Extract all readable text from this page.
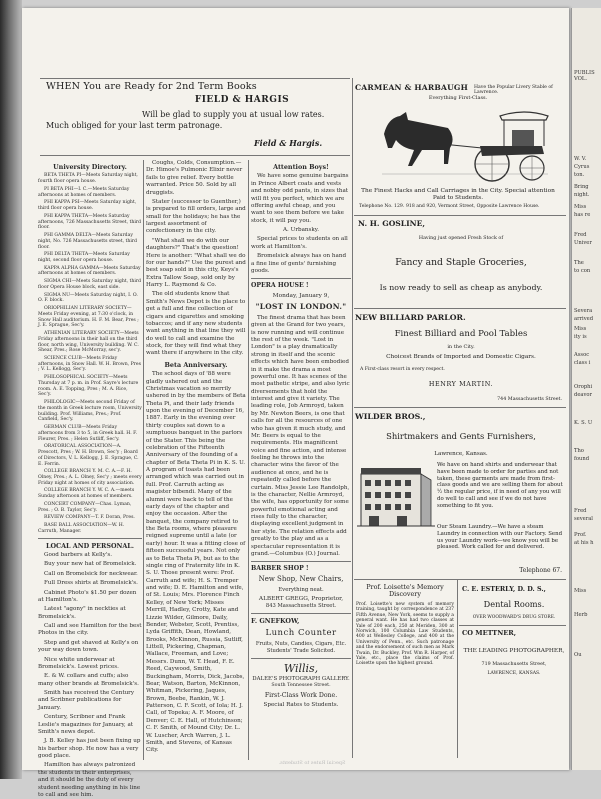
WHEN You are Ready for 2nd Term Books
FIELD & HARGIS
Will be glad to supply you at usual low rates.
Much obliged for your last term patronage.
Field & Hargis.
University Directory.

BETA THETA PI—Meets Saturday night, fourth floor opera house.

PI BETA PHI—I. C.—Meets Saturday afternoons at homes of members.

PHI KAPPA PSI—Meets Saturday night, third floor opera house.

PHI KAPPA THETA—Meets Saturday afternoons, 726 Massachusetts Street, third floor.

PHI GAMMA DELTA—Meets Saturday night, No. 726 Massachusetts street, third floor.

PHI DELTA THETA—Meets Saturday night, second floor opera house.

KAPPA ALPHA GAMMA—Meets Saturday afternoons at homes of members.

SIGMA CHI—Meets Saturday night, third floor Opera House block, east side.

SIGMA NU—Meets Saturday night, I. O. O. F. block.

ORIOPHILIAN LITERARY SOCIETY—Meets Friday evening, at 7:30 o'clock, in Snow Hall auditorium. H. F. M. Bear, Pres ; J. E. Sprague, Sec'y.

ATHENIAN LITERARY SOCIETY—Meets Friday afternoons in their hall on the third floor, north wing, University building. W. C. Shear, Pres.; Rose McMorray, sec'y.

SCIENCE CLUB—Meets Friday afternoons, in Snow Hall. W. H. Brown, Pres ; V. L. Kellogg, Sec'y.

PHILOSOPHICAL SOCIETY—Meets Thursday at 7 p. m. in Prof. Sayre's lecture room. A. E. Topping, Pres ; M. A. Rice, Sec'y.

PHILOLOGIC—Meets second Friday of the month in Greek lecture room, University building. Prof. Williams, Pres.; Prof. Canfield, Sec'y.

GERMAN CLUB—Meets Friday afternoons from 3 to 5, in Greek hall. H. F. Fleurer, Pres. ; Helen Sutliff, Sec'y.

ORATORICAL ASSOCIATION—A. Prescott, Pres ; W. H. Brown, Sec'y ; Board of Directors, V. L. Kellogg, J. E. Sprague, C. E. Ferrin.

COLLEGE BRANCH Y. M. C. A.—F. H. Olney, Pres.; A. L. Olney, Sec'y ; meets every Friday night at homes of city association.

COLLEGE BRANCH Y. W. C. A.—meets Sunday afternoon at homes of members.

CONCERT COMPANY—Chas. Lyman, Pres. ; O. B. Taylor, Sec'y.

REVIEW COMPANY—T. F. Doran, Pres.

BASE BALL ASSOCIATION—W. H. Carruth, Manager.

LOCAL AND PERSONAL.

Good barbers at Kelly's.

Buy your new hat of Bromelsick.

Call on Bromelsick for neckwear.

Full Dress shirts at Bromelsick's.

Cabinet Photo's $1.50 per dozen at Hamilton's.

Latest "agony" in neckties at Bromelsick's.

Call and see Hamilton for the best Photos in the city.

Step and get shaved at Kelly's on your way down town.

Nice white underwear at Bromelsick's. Lowest prices.

E. & W. collars and cuffs; also many other brands at Bromelsick's.

Smith has received the Century and Scribner publications for January.

Century, Scribner and Frank Leslie's magazines for January, at Smith's news depot.

J. B. Kelley has just been fixing up his barber shop. He now has a very good place.

Hamilton has always patronized the students in their enterprises, and it should be the duty of every student needing anything in his line to call and see him.

Coughs, Colds, Consumption.—Dr. Himoe's Pulmonic Elixir never fails to give relief. Every bottle warranted. Price 50. Sold by all druggists.

Stater (successor to Guenther,) is prepared to fill orders, large and small for the holidays; he has the largest assortment of confectionery in the city.

"What shall we do with our daughters?" That's the question! Here is another: "What shall we do for our hands?" Use the purest and best soap sold in this city, Keys's Extra Tallow Soap, sold only by Harry L. Raymond & Co.

The old students know that Smith's News Depot is the place to get a full and fine collection of cigars and cigarettes and smoking tobaccos; and if any new students want anything in that line they will do well to call and examine the stock, for they will find what they want there if anywhere in the city.

Beta Anniversary.

The school days of '88 were gladly ushered out and the Christmas vacation so merrily ushered in by the members of Beta Theta Pi, and their lady friends upon the evening of December 16, 1887. Early in the evening over thirty couples sat down to a sumptuous banquet in the parlors of the Stater. This being the celebration of the Fifteenth Anniversary of the founding of a chapter of Beta Theta Pi in K. S. U. A program of toasts had been arranged which was carried out in full. Prof. Carruth acting as magister bibendi. Many of the alumni were back to tell of the early days of the chapter and enjoy the occasion. After the banquet, the company retired to the Beta rooms, where pleasure reigned supreme until a late (or early) hour. It was a fitting close of fifteen successful years. Not only as to Beta Theta Pi, but as to the single ring of Fraternity life in K. S. U. Those present were: Prof. Carruth and wife; H. S. Tremper and wife; D. E. Hamilton and wife, of St. Louis; Mrs. Florence Finch Kelley, of New York; Misses Merrill, Hadley, Crotty, Kate and Lizzie Wilder, Gilmore, Daily, Bender, Webster, Scott, Prentiss, Lyda Griffith, Dean, Howland, Brooks, McKinnon, Russia, Sutliff, Littell, Pickering, Chapman, Wallace, Freeman, and Love; Messrs. Dunn, W. T. Head, F. E. Reed, Caywood, Smith, Buckingham, Morris, Dick, Jacobs, Bear, Watson, Barton, McKinnon, Whitman, Pickering, Jaques, Brown, Beebe, Rankin, W. J. Patterson, C. F. Scott, of Iola; H. J. Call, of Topeka; A. F. Moore, of Denver; C. E. Hall, of Hutchinson; C. F. Smith, of Mound City; Dr. L. W. Luscher, Arch Warren, J. L. Smith, and Stevens, of Kansas City.

Attention Boys!

We have some genuine bargains in Prince Albert coats and vests and nobby odd pants, in sizes that will fit you perfect, which we are offering awful cheap, and you want to see them before we take stock, it will pay you.

A. Urbansky.

Special prices to students on all work at Hamilton's.

Bromelsick always has on hand a fine line of gents' furnishing goods.

OPERA HOUSE !
Monday, January 9,
"LOST IN LONDON."

The finest drama that has been given at the Grand for two years, is now running and will continue the rest of the week. "Lost in London" is a play dramatically strong in itself and the scenic effects which have been embodied in it make the drama a most powerful one. It has scenes of the most pathetic stripe, and also lyric diversements that hold the interest and give it variety. The leading role, Job Armroyd, taken by Mr. Newton Beers, is one that calls for all the resources of one who has given it much study, and Mr. Beers is equal to the requirements. His magnificent voice and fine action, and intense feeling he throws into the character wins the favor of the audience at once, and he is repeatedly called before the curtain. Miss Jessie Lee Randolph, is the character, Nellie Armroyd, the wife, has opportunity for some powerful emotional acting and rises fully to the character, displaying excellent judgment in her style. The relation effects add greatly to the play and as a spectacular representation it is grand.—Columbus (O.) Journal.

BARBER SHOP !
New Shop, New Chairs,
Everything neat.
ALBERT GREGG, Proprietor,
843 Massachusetts Street.
F. GNEFKOW,
Lunch Counter
Fruits, Nuts, Candies, Cigars, Etc. Students' Trade Solicited.
Willis,
DALEE'S PHOTOGRAPH GALLERY.
South Tennessee Street.
First-Class Work Done.
Special Rates to Students.
CARMEAN & HARBAUGH Have the Popular Livery Stable of Lawrence.
Everything First-Class.
The Finest Hacks and Call Carriages in the City. Special attention Paid to Students.
Telephone No. 129. 918 and 920, Vermont Street, Opposite Lawrence House.
N. H. GOSLINE,
Having just opened Fresh Stock of
Fancy and Staple Groceries,
Is now ready to sell as cheap as anybody.
NEW BILLIARD PARLOR.
Finest Billiard and Pool Tables
in the City.
Choicest Brands of Imported and Domestic Cigars.
A First-class resort in every respect.
HENRY MARTIN.
744 Massachusetts Street.
WILDER BROS.,
Shirtmakers and Gents Furnishers,
Lawrence, Kansas.
We have on hand shirts and underwear that have been made to order for parties and not taken, these garments are made from first-class goods and we are selling them for about ½ the regular price, if in need of any you will do well to call and see if we do not have something to fit you.
Our Steam Laundry.—We have a steam Laundry in connection with our Factory. Send us your Laundry work—we know you will be pleased. Work called for and delivered.
Telephone 67.
Prof. Loisette's Memory Discovery
Prof. Loisette's new system of memory training, taught by correspondence at 237 Fifth Avenue, New York, seems to supply a general want. He has had two classes at Yale of 200 each, 250 at Meriden, 300 at Norwich, 100 Columbia Law Students, 400 at Wellesley College, and 400 at the University of Penn., etc. Such patronage and the endorsement of such men as Mark Twain, Dr. Buckley, Prof. Wm R. Harper, of Yale, etc., place the claims of Prof. Loisette upon the highest ground.
C. E. ESTERLY, D. D. S.,
Dental Rooms.
OVER WOODWARD'S DRUG STORE.
CO METTNER,
THE LEADING PHOTOGRAPHER,
719 Massachusetts Street,
LAWRENCE, KANSAS.
Special Rates to Students.
PUBLIS
VOL.
W. V.
Cyrus
ton.
Bring
night.
Miss
has re
Fred
Univer
The
to con
Severa
arrived
Miss
ity is
Assoc
class i
Orophi
deavor
K. S. U
Tho
found
Fred
several
Prof.
at his h
Miss
Herb
Ou
